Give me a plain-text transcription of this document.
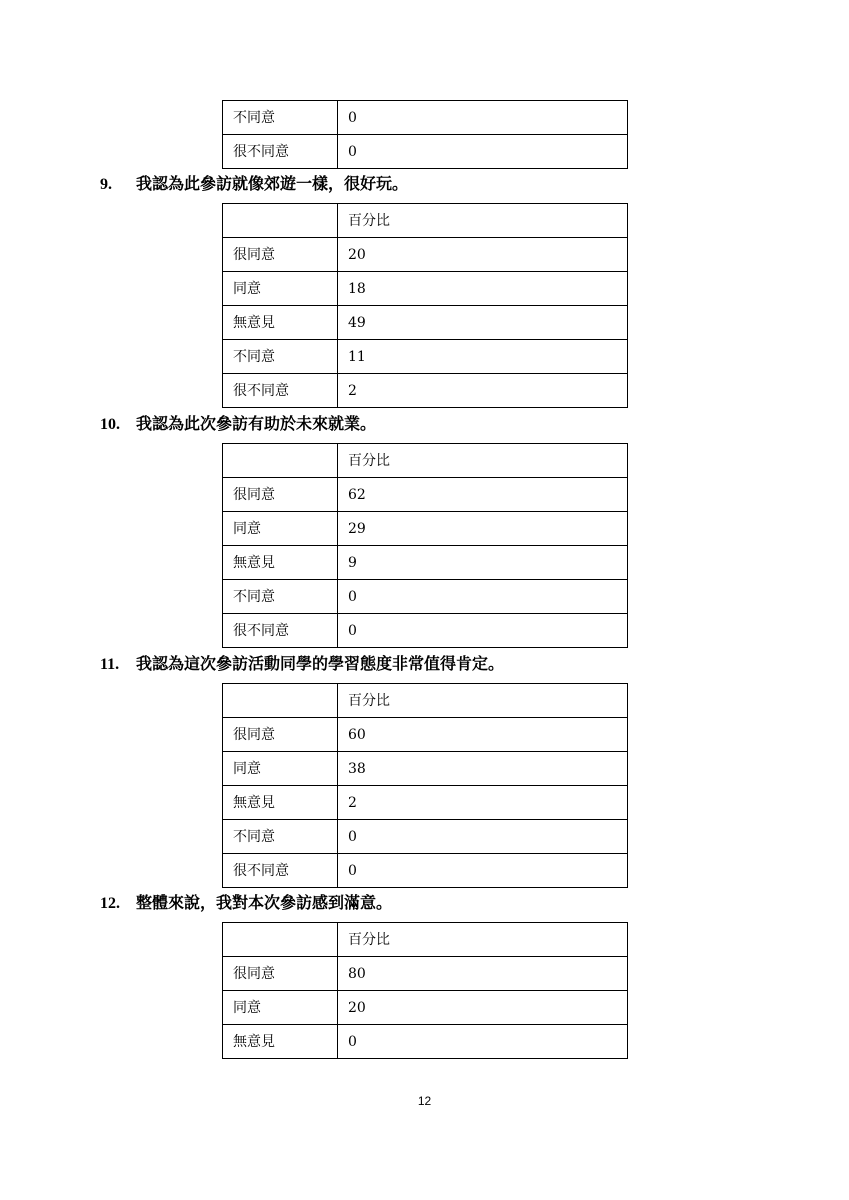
不同意	0
很不同意	0
9. 我認為此參訪就像郊遊一樣，很好玩。
	百分比
很同意	20
同意	18
無意見	49
不同意	11
很不同意	2
10. 我認為此次參訪有助於未來就業。
	百分比
很同意	62
同意	29
無意見	9
不同意	0
很不同意	0
11. 我認為這次參訪活動同學的學習態度非常值得肯定。
	百分比
很同意	60
同意	38
無意見	2
不同意	0
很不同意	0
12. 整體來說，我對本次參訪感到滿意。
	百分比
很同意	80
同意	20
無意見	0
12
